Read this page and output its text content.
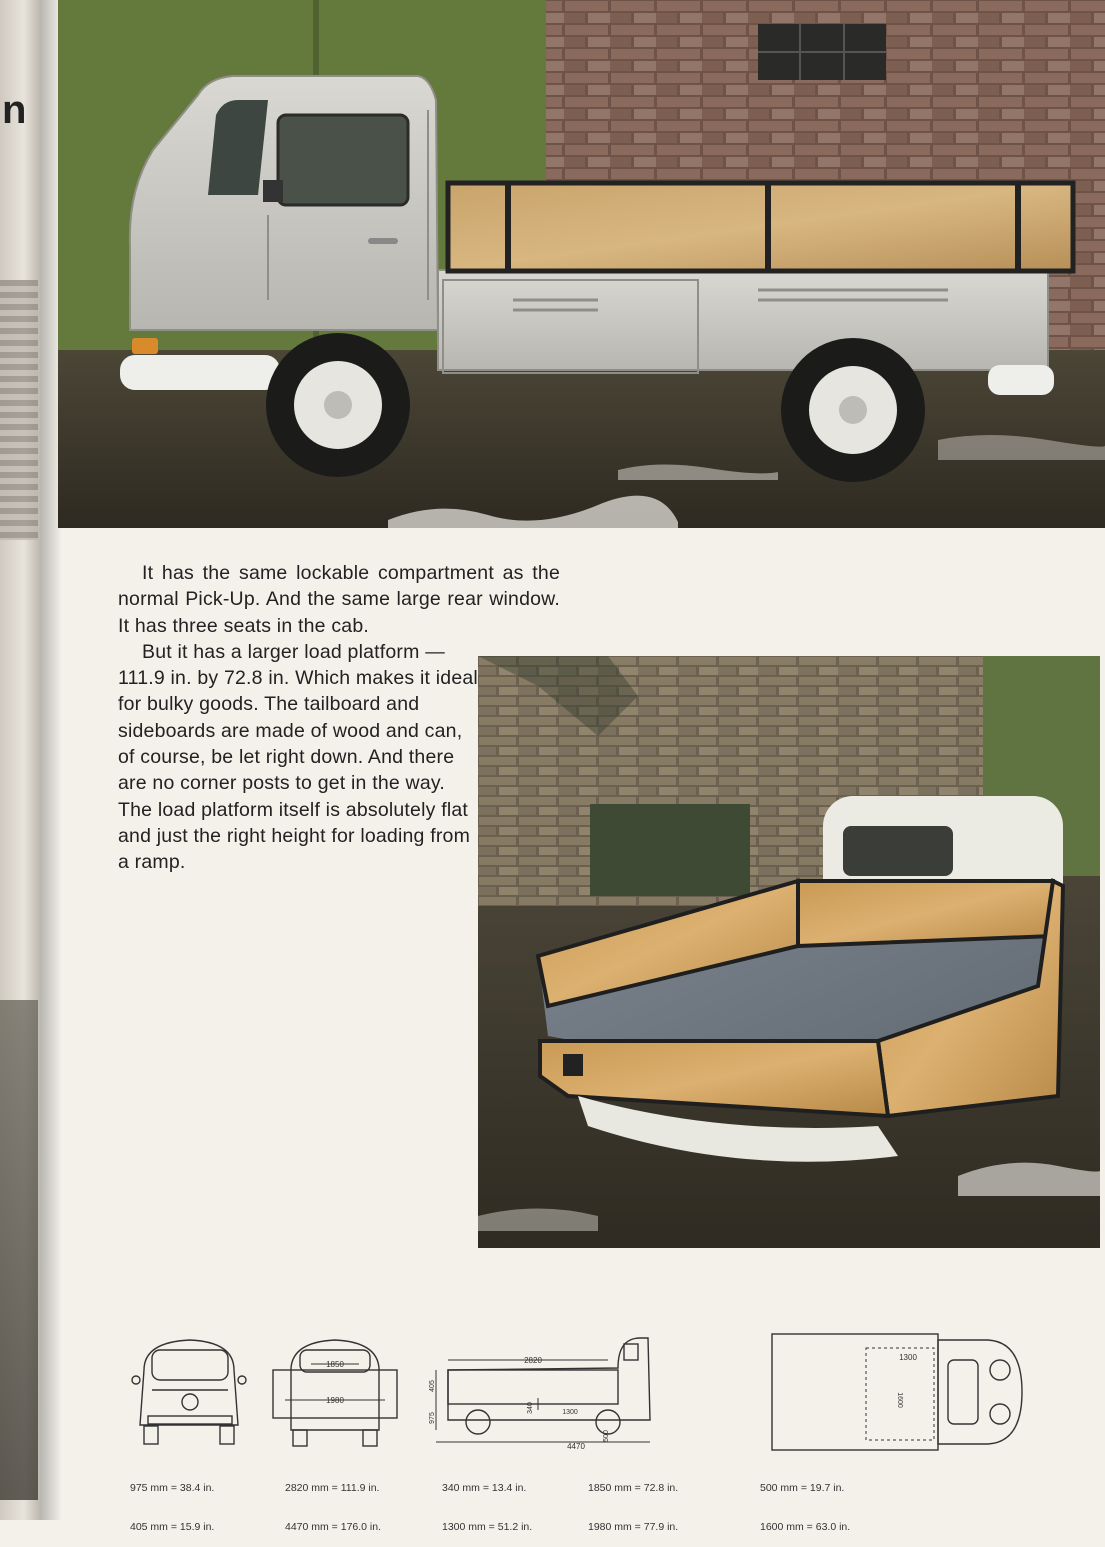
n

It has the same lockable compartment as the normal Pick-Up. And the same large rear window. It has three seats in the cab.

But it has a larger load platform — 111.9 in. by 72.8 in. Which makes it ideal for bulky goods. The tailboard and sideboards are made of wood and can, of course, be let right down. And there are no corner posts to get in the way. The load platform itself is absolutely flat and just the right height for loading from a ramp.

1850
1980
2820
405
975
340	1300
4470
500
1300
1600

975 mm = 38.4 in.

405 mm = 15.9 in.

2820 mm = 111.9 in.

4470 mm = 176.0 in.

340 mm = 13.4 in.

1300 mm = 51.2 in.

1850 mm = 72.8 in.

1980 mm = 77.9 in.

500 mm = 19.7 in.

1600 mm = 63.0 in.
